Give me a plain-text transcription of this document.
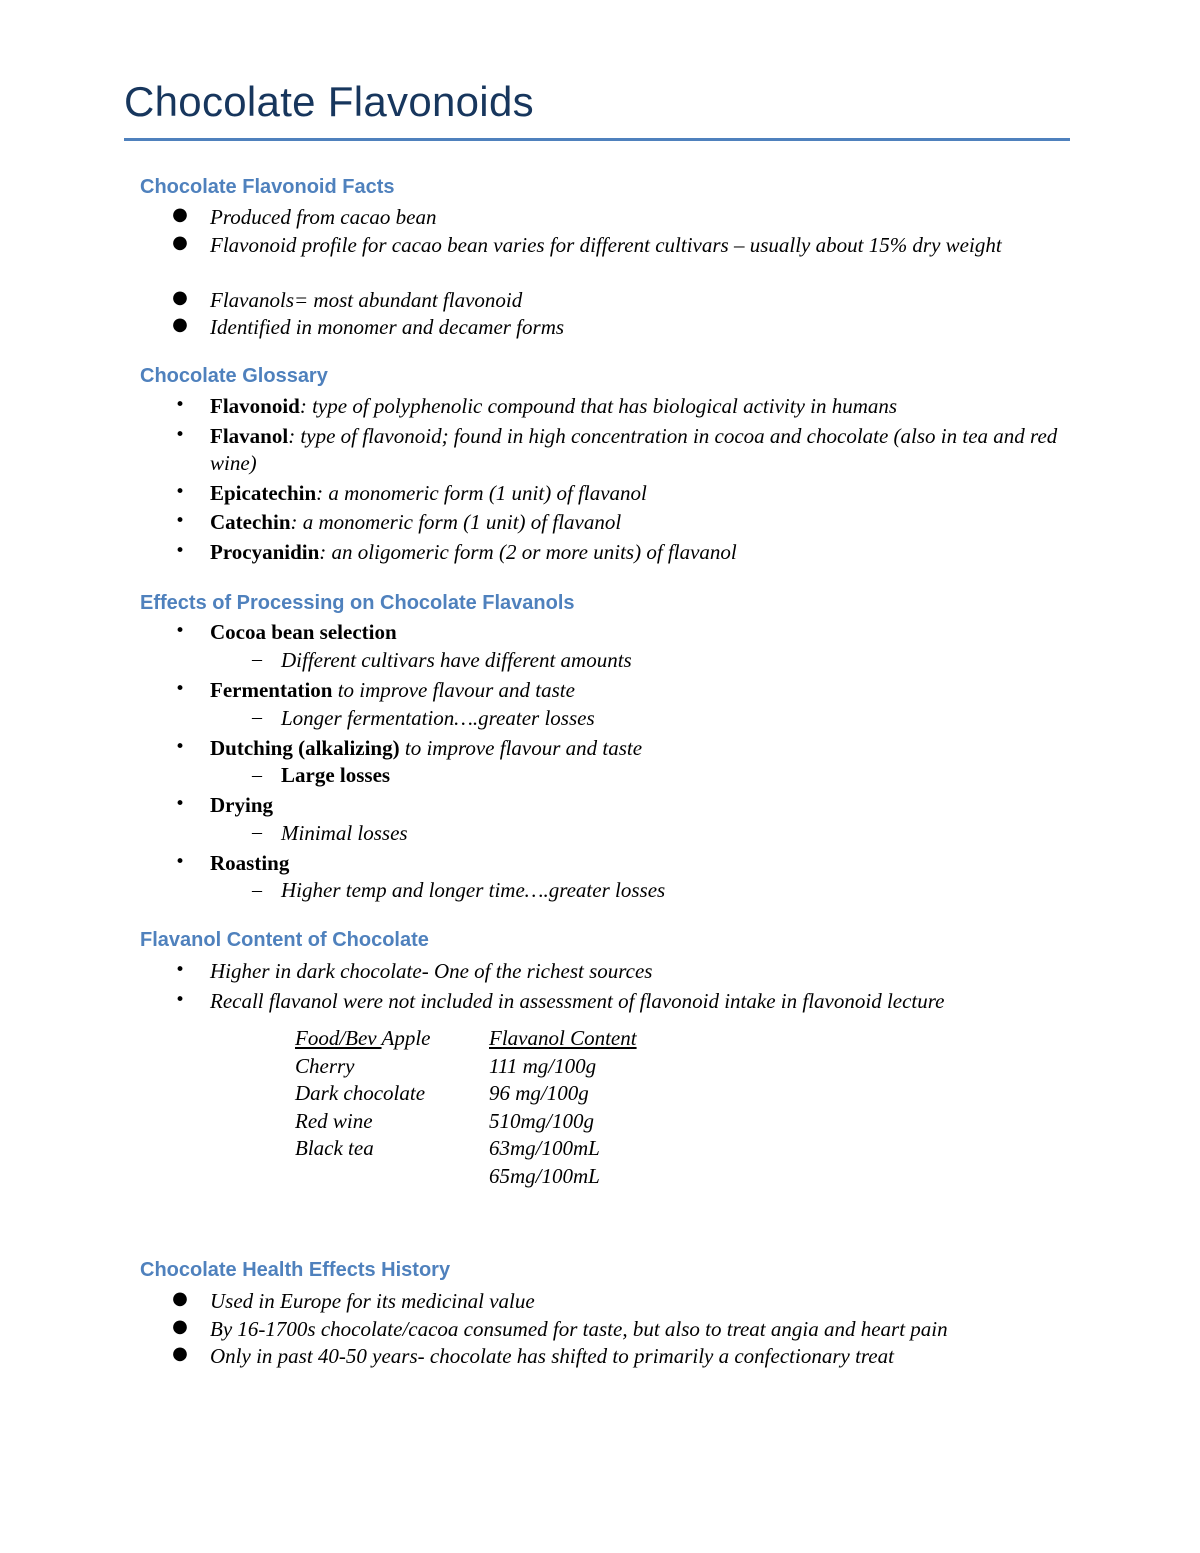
Chocolate Flavonoids
Chocolate Flavonoid Facts
● Produced from cacao bean
● Flavonoid profile for cacao bean varies for different cultivars – usually about 15% dry weight
● Flavanols= most abundant flavonoid
● Identified in monomer and decamer forms
Chocolate Glossary
• Flavonoid: type of polyphenolic compound that has biological activity in humans
• Flavanol: type of flavonoid; found in high concentration in cocoa and chocolate (also in tea and red wine)
• Epicatechin: a monomeric form (1 unit) of flavanol
• Catechin: a monomeric form (1 unit) of flavanol
• Procyanidin: an oligomeric form (2 or more units) of flavanol
Effects of Processing on Chocolate Flavanols
• Cocoa bean selection
– Different cultivars have different amounts
• Fermentation to improve flavour and taste
– Longer fermentation….greater losses
• Dutching (alkalizing) to improve flavour and taste
– Large losses
• Drying
– Minimal losses
• Roasting
– Higher temp and longer time….greater losses
Flavanol Content of Chocolate
• Higher in dark chocolate- One of the richest sources
• Recall flavanol were not included in assessment of flavonoid intake in flavonoid lecture
Food/Bev Apple	Flavanol Content
Cherry
Dark chocolate
Red wine
Black tea
111 mg/100g
96 mg/100g
510mg/100g
63mg/100mL
65mg/100mL
Chocolate Health Effects History
● Used in Europe for its medicinal value
● By 16-1700s chocolate/cacoa consumed for taste, but also to treat angia and heart pain
● Only in past 40-50 years- chocolate has shifted to primarily a confectionary treat
